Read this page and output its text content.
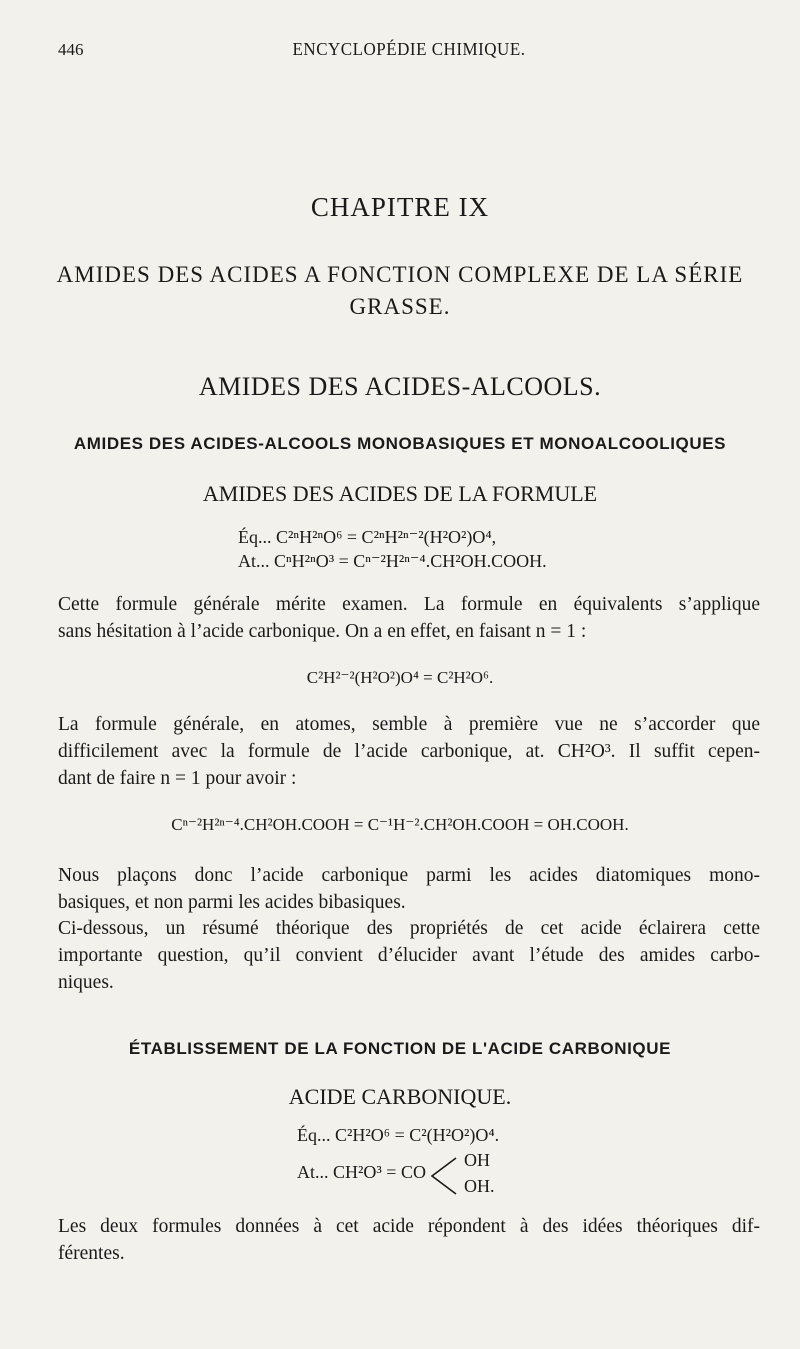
446	ENCYCLOPÉDIE CHIMIQUE.
CHAPITRE IX
AMIDES DES ACIDES A FONCTION COMPLEXE DE LA SÉRIE
GRASSE.
AMIDES DES ACIDES-ALCOOLS.
AMIDES DES ACIDES-ALCOOLS MONOBASIQUES ET MONOALCOOLIQUES
AMIDES DES ACIDES DE LA FORMULE
Éq... C²ⁿH²ⁿO⁶ = C²ⁿH²ⁿ⁻²(H²O²)O⁴,
At... CⁿH²ⁿO³ = Cⁿ⁻²H²ⁿ⁻⁴.CH²OH.COOH.
Cette formule générale mérite examen. La formule en équivalents s’applique
sans hésitation à l’acide carbonique. On a en effet, en faisant n = 1 :
C²H²⁻²(H²O²)O⁴ = C²H²O⁶.
La formule générale, en atomes, semble à première vue ne s’accorder que
difficilement avec la formule de l’acide carbonique, at. CH²O³. Il suffit cepen-
dant de faire n = 1 pour avoir :
Cⁿ⁻²H²ⁿ⁻⁴.CH²OH.COOH = C⁻¹H⁻².CH²OH.COOH = OH.COOH.
Nous plaçons donc l’acide carbonique parmi les acides diatomiques mono-
basiques, et non parmi les acides bibasiques.
Ci-dessous, un résumé théorique des propriétés de cet acide éclairera cette
importante question, qu’il convient d’élucider avant l’étude des amides carbo-
niques.
ÉTABLISSEMENT DE LA FONCTION DE L'ACIDE CARBONIQUE
ACIDE CARBONIQUE.
Éq... C²H²O⁶ = C²(H²O²)O⁴.
At... CH²O³ = CO
OH
OH.
Les deux formules données à cet acide répondent à des idées théoriques dif-
férentes.
